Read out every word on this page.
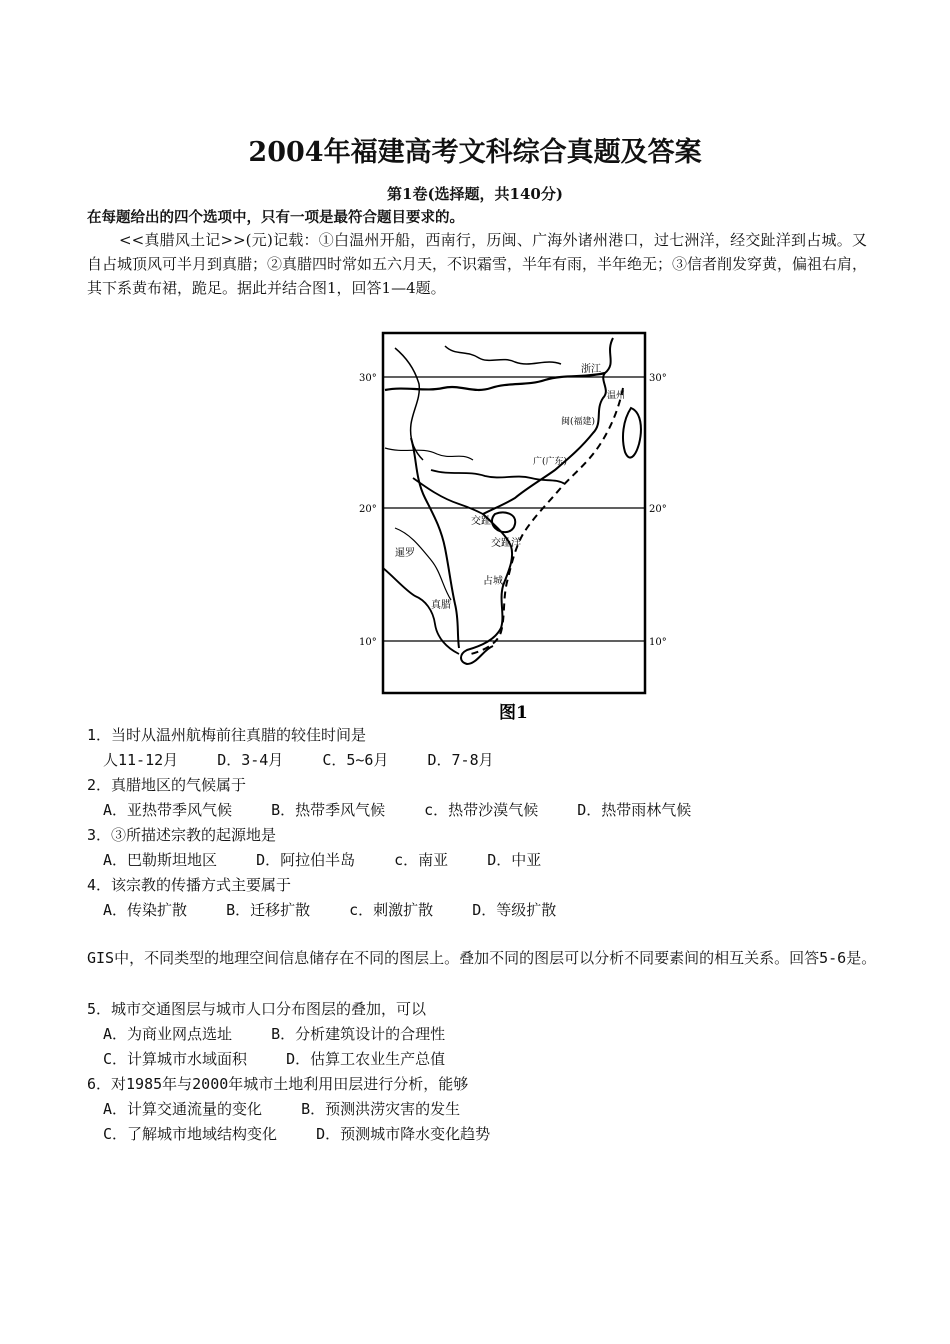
2004年福建高考文科综合真题及答案
第1卷(选择题，共140分)
在每题给出的四个选项中，只有一项是最符合题目要求的。
<<真腊风土记>>(元)记载：①白温州开船，西南行，历闽、广海外诸州港口，过七洲洋，经交趾洋到占城。又自占城顶风可半月到真腊；②真腊四时常如五六月天，不识霜雪，半年有雨，半年绝无；③信者削发穿黄，偏祖右肩，其下系黄布裙，跪足。据此并结合图1，回答1—4题。
30°	30°
20°	20°
10°	10°
浙江
温州
闽(福建)
广(广东)
交趾
交趾洋
暹罗
占城
真腊
图1
1．当时从温州航梅前往真腊的较佳时间是
人11-12月	D．3-4月	C．5~6月	D．7-8月
2．真腊地区的气候属于
A．亚热带季风气候	B．热带季风气候	c．热带沙漠气候	D．热带雨林气候
3．③所描述宗教的起源地是
A．巴勒斯坦地区	D．阿拉伯半岛	c．南亚	D．中亚
4．该宗教的传播方式主要属于
A．传染扩散	B．迁移扩散	c．刺激扩散	D．等级扩散
GIS中，不同类型的地理空间信息储存在不同的图层上。叠加不同的图层可以分析不同要素间的相互关系。回答5-6是。
5．城市交通图层与城市人口分布图层的叠加，可以
A．为商业网点选址	B．分析建筑设计的合理性
C．计算城市水域面积	D．估算工农业生产总值
6．对1985年与2000年城市土地利用田层进行分析，能够
A．计算交通流量的变化	B．预测洪涝灾害的发生
C．了解城市地域结构变化	D．预测城市降水变化趋势
